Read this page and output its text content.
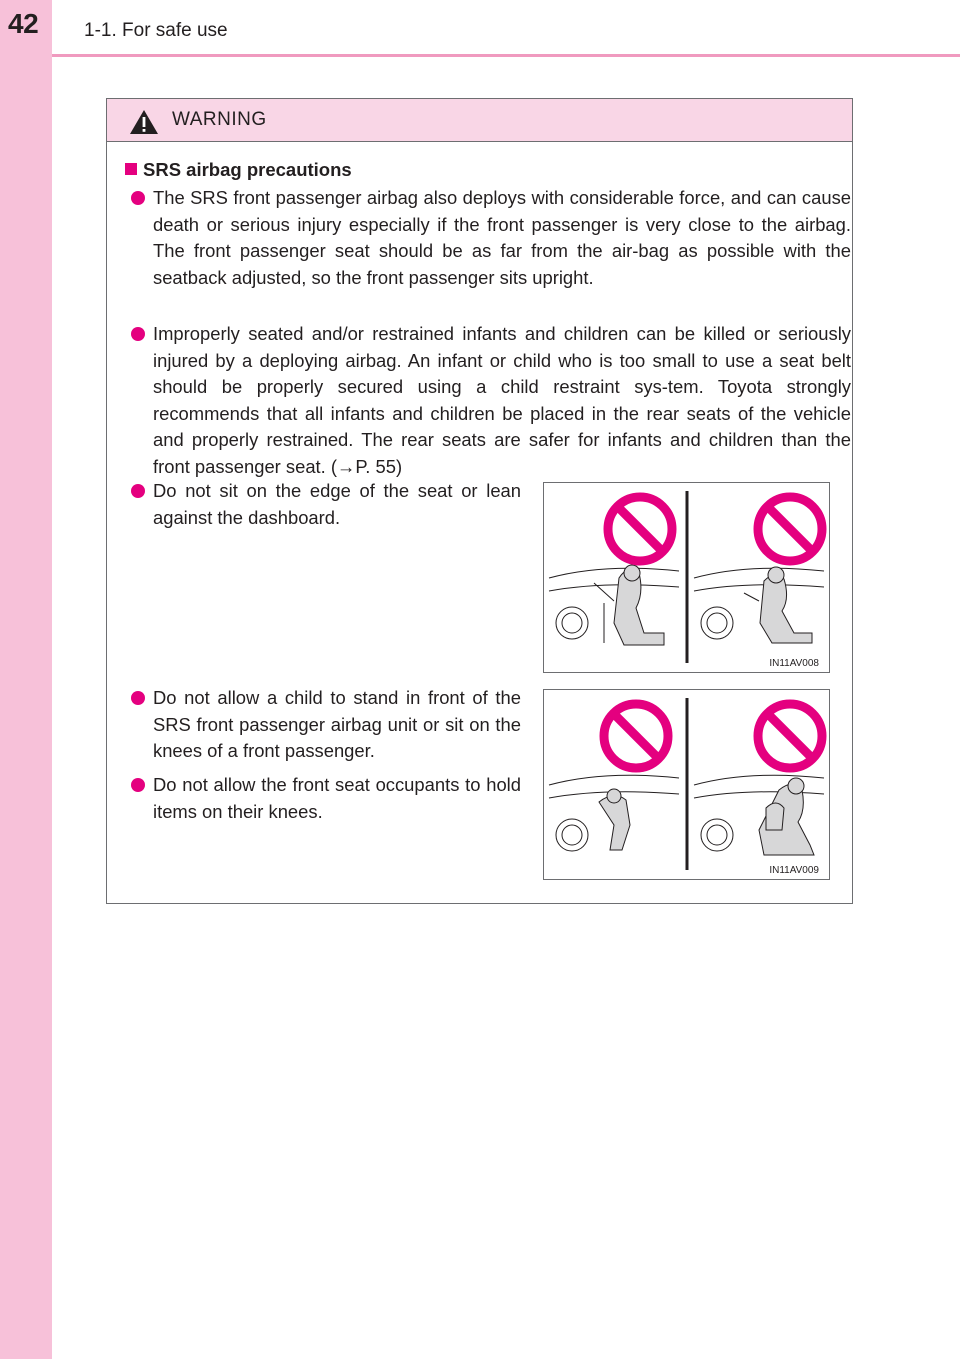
42 1-1. For safe use
WARNING
SRS airbag precautions
The SRS front passenger airbag also deploys with considerable force, and can cause death or serious injury especially if the front passenger is very close to the airbag. The front passenger seat should be as far from the air-bag as possible with the seatback adjusted, so the front passenger sits upright.
Improperly seated and/or restrained infants and children can be killed or seriously injured by a deploying airbag. An infant or child who is too small to use a seat belt should be properly secured using a child restraint sys-tem. Toyota strongly recommends that all infants and children be placed in the rear seats of the vehicle and properly restrained. The rear seats are safer for infants and children than the front passenger seat. (→P. 55)
Do not sit on the edge of the seat or lean against the dashboard.
IN11AV008
Do not allow a child to stand in front of the SRS front passenger airbag unit or sit on the knees of a front passenger.
Do not allow the front seat occupants to hold items on their knees.
IN11AV009
